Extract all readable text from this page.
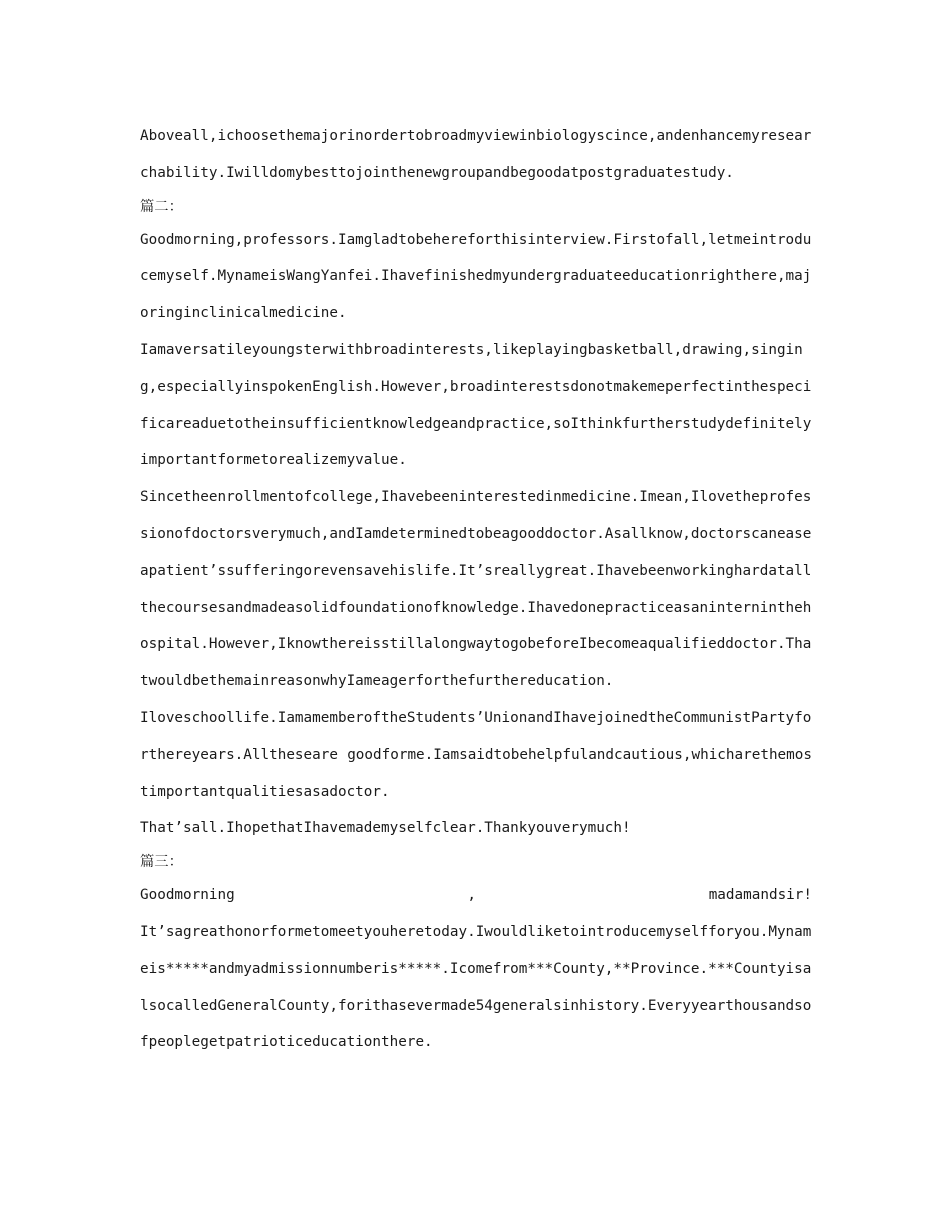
Aboveall,ichoosethemajorinordertobroadmyviewinbiologyscince,andenhancemyresearchability.Iwilldomybesttojointhenewgroupandbegoodatpostgraduatestudy.

篇二：

Goodmorning,professors.Iamgladtobehereforthisinterview.Firstofall,letmeintroducemyself.MynameisWangYanfei.Ihavefinishedmyundergraduateeducationrighthere,majoringinclinicalmedicine.

Iamaversatileyoungsterwithbroadinterests,likeplayingbasketball,drawing,singing,especiallyinspokenEnglish.However,broadinterestsdonotmakemeperfectinthespecificareaduetotheinsufficientknowledgeandpractice,soIthinkfurtherstudydefinitelyimportantformetorealizemyvalue.

Sincetheenrollmentofcollege,Ihavebeeninterestedinmedicine.Imean,Ilovetheprofessionofdoctorsverymuch,andIamdeterminedtobeagooddoctor.Asallknow,doctorscaneaseapatient’ssufferingorevensavehislife.It’sreallygreat.Ihavebeenworkinghardatallthecoursesandmadeasolidfoundationofknowledge.Ihavedonepracticeasaninterninthehospital.However,IknowthereisstillalongwaytogobeforeIbecomeaqualifieddoctor.ThatwouldbethemainreasonwhyIameagerforthefurthereducation.

Iloveschoollife.IamamemberoftheStudents’UnionandIhavejoinedtheCommunistPartyforthereyears.Alltheseare goodforme.Iamsaidtobehelpfulandcautious,whicharethemostimportantqualitiesasadoctor.

That’sall.IhopethatIhavemademyselfclear.Thankyouverymuch!

篇三：

Goodmorning	,	madamandsir!

It’sagreathonorformetomeetyouheretoday.Iwouldliketointroducemyselfforyou.Mynameis*****andmyadmissionnumberis*****.Icomefrom***County,**Province.***CountyisalsocalledGeneralCounty,forithasevermade54generalsinhistory.Everyyearthousandsofpeoplegetpatrioticeducationthere.
